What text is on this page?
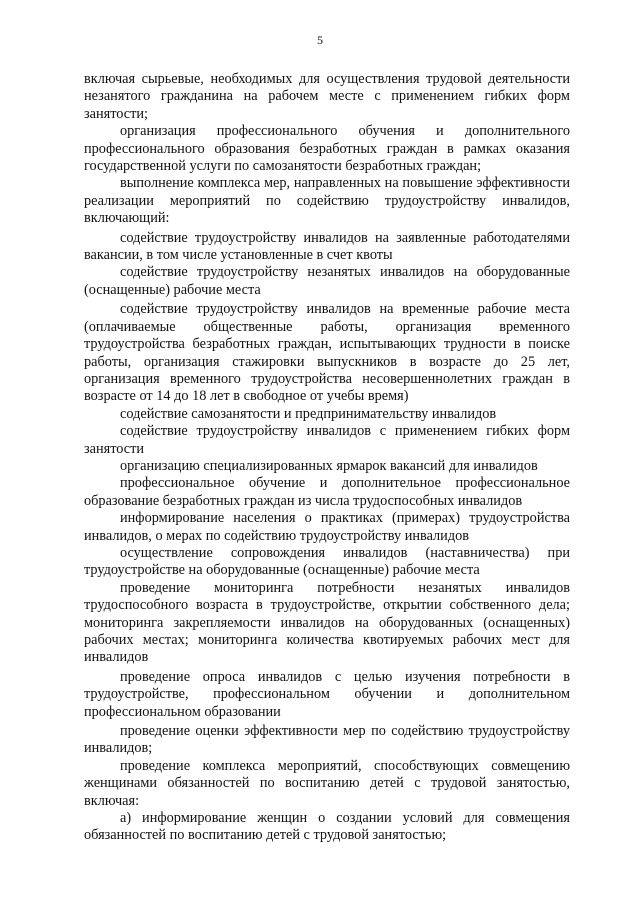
5

включая сырьевые, необходимых для осуществления трудовой деятельности незанятого гражданина на рабочем месте с применением гибких форм занятости;

организация профессионального обучения и дополнительного профессионального образования безработных граждан в рамках оказания государственной услуги по самозанятости безработных граждан;

выполнение комплекса мер, направленных на повышение эффективности реализации мероприятий по содействию трудоустройству инвалидов, включающий:

содействие трудоустройству инвалидов на заявленные работодателями вакансии, в том числе установленные в счет квоты

содействие трудоустройству незанятых инвалидов на оборудованные (оснащенные) рабочие места

содействие трудоустройству инвалидов на временные рабочие места (оплачиваемые общественные работы, организация временного трудоустройства безработных граждан, испытывающих трудности в поиске работы, организация стажировки выпускников в возрасте до 25 лет, организация временного трудоустройства несовершеннолетних граждан в возрасте от 14 до 18 лет в свободное от учебы время)

содействие самозанятости и предпринимательству инвалидов

содействие трудоустройству инвалидов с применением гибких форм занятости

организацию специализированных ярмарок вакансий для инвалидов

профессиональное обучение и дополнительное профессиональное образование безработных граждан из числа трудоспособных инвалидов

информирование населения о практиках (примерах) трудоустройства инвалидов, о мерах по содействию трудоустройству инвалидов

осуществление сопровождения инвалидов (наставничества) при трудоустройстве на оборудованные (оснащенные) рабочие места

проведение мониторинга потребности незанятых инвалидов трудоспособного возраста в трудоустройстве, открытии собственного дела; мониторинга закрепляемости инвалидов на оборудованных (оснащенных) рабочих местах; мониторинга количества квотируемых рабочих мест для инвалидов

проведение опроса инвалидов с целью изучения потребности в трудоустройстве, профессиональном обучении и дополнительном профессиональном образовании

проведение оценки эффективности мер по содействию трудоустройству инвалидов;

проведение комплекса мероприятий, способствующих совмещению женщинами обязанностей по воспитанию детей с трудовой занятостью, включая:

а) информирование женщин о создании условий для совмещения обязанностей по воспитанию детей с трудовой занятостью;
